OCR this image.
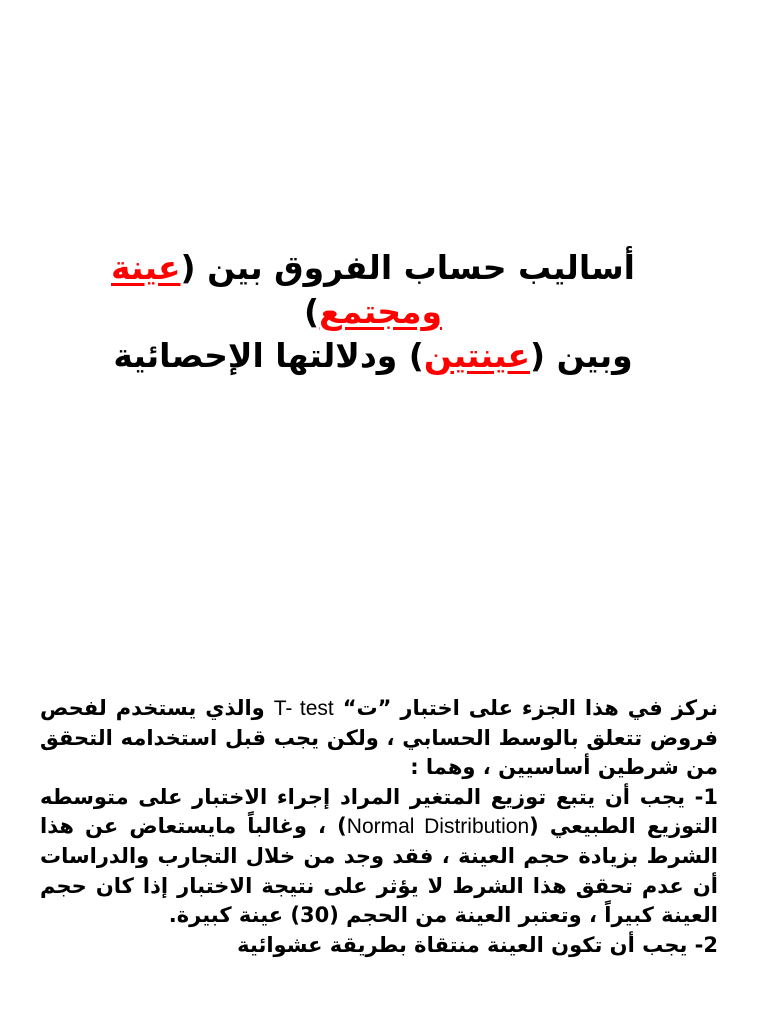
أساليب حساب الفروق بين (عينة
ومجتمع)
وبين (عينتين) ودلالتها الإحصائية

نركز في هذا الجزء على اختبار ”ت“ T- test والذي يستخدم لفحص فروض تتعلق بالوسط الحسابي ، ولكن يجب قبل استخدامه التحقق من شرطين أساسيين ، وهما :

1- يجب أن يتبع توزيع المتغير المراد إجراء الاختبار على متوسطه التوزيع الطبيعي (Normal Distribution) ، وغالباً مايستعاض عن هذا الشرط بزيادة حجم العينة ، فقد وجد من خلال التجارب والدراسات أن عدم تحقق هذا الشرط لا يؤثر على نتيجة الاختبار إذا كان حجم العينة كبيراً ، وتعتبر العينة من الحجم (30) عينة كبيرة.

2- يجب أن تكون العينة منتقاة بطريقة عشوائية
